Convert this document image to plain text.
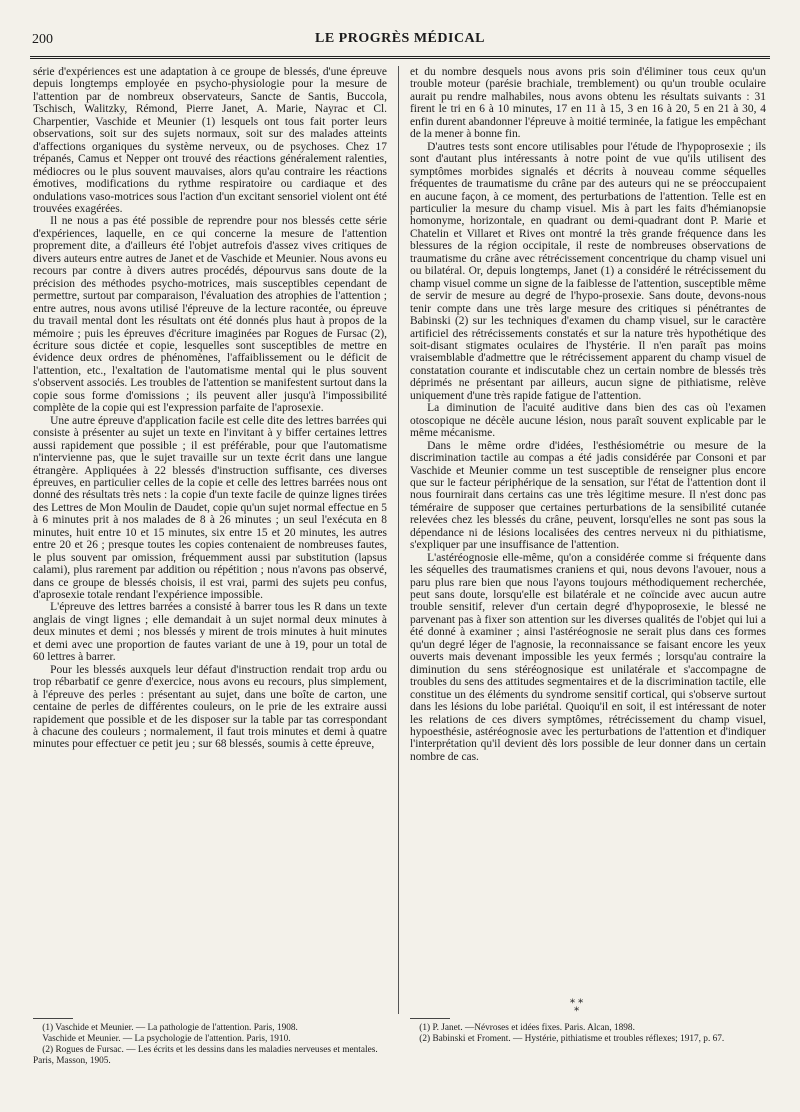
200	LE PROGRÈS MÉDICAL

série d'expériences est une adaptation à ce groupe de blessés, d'une épreuve depuis longtemps employée en psycho-physiologie pour la mesure de l'attention par de nombreux observateurs, Sancte de Santis, Buccola, Tschisch, Walitzky, Rémond, Pierre Janet, A. Marie, Nayrac et Cl. Charpentier, Vaschide et Meunier (1) lesquels ont tous fait porter leurs observations, soit sur des sujets normaux, soit sur des malades atteints d'affections organiques du système nerveux, ou de psychoses. Chez 17 trépanés, Camus et Nepper ont trouvé des réactions généralement ralenties, médiocres ou le plus souvent mauvaises, alors qu'au contraire les réactions émotives, modifications du rythme respiratoire ou cardiaque et des ondulations vaso-motrices sous l'action d'un excitant sensoriel violent ont été trouvées exagérées.

Il ne nous a pas été possible de reprendre pour nos blessés cette série d'expériences, laquelle, en ce qui concerne la mesure de l'attention proprement dite, a d'ailleurs été l'objet autrefois d'assez vives critiques de divers auteurs entre autres de Janet et de Vaschide et Meunier. Nous avons eu recours par contre à divers autres procédés, dépourvus sans doute de la précision des méthodes psycho-motrices, mais susceptibles cependant de permettre, surtout par comparaison, l'évaluation des atrophies de l'attention ; entre autres, nous avons utilisé l'épreuve de la lecture racontée, ou épreuve du travail mental dont les résultats ont été donnés plus haut à propos de la mémoire ; puis les épreuves d'écriture imaginées par Rogues de Fursac (2), écriture sous dictée et copie, lesquelles sont susceptibles de mettre en évidence deux ordres de phénomènes, l'affaiblissement ou le déficit de l'attention, etc., l'exaltation de l'automatisme mental qui le plus souvent s'observent associés. Les troubles de l'attention se manifestent surtout dans la copie sous forme d'omissions ; ils peuvent aller jusqu'à l'impossibilité complète de la copie qui est l'expression parfaite de l'aprosexie.

Une autre épreuve d'application facile est celle dite des lettres barrées qui consiste à présenter au sujet un texte en l'invitant à y biffer certaines lettres aussi rapidement que possible ; il est préférable, pour que l'automatisme n'intervienne pas, que le sujet travaille sur un texte écrit dans une langue étrangère. Appliquées à 22 blessés d'instruction suffisante, ces diverses épreuves, en particulier celles de la copie et celle des lettres barrées nous ont donné des résultats très nets : la copie d'un texte facile de quinze lignes tirées des Lettres de Mon Moulin de Daudet, copie qu'un sujet normal effectue en 5 à 6 minutes prit à nos malades de 8 à 26 minutes ; un seul l'exécuta en 8 minutes, huit entre 10 et 15 minutes, six entre 15 et 20 minutes, les autres entre 20 et 26 ; presque toutes les copies contenaient de nombreuses fautes, le plus souvent par omission, fréquemment aussi par substitution (lapsus calami), plus rarement par addition ou répétition ; nous n'avons pas observé, dans ce groupe de blessés choisis, il est vrai, parmi des sujets peu confus, d'aprosexie totale rendant l'expérience impossible.

L'épreuve des lettres barrées a consisté à barrer tous les R dans un texte anglais de vingt lignes ; elle demandait à un sujet normal deux minutes à deux minutes et demi ; nos blessés y mirent de trois minutes à huit minutes et demi avec une proportion de fautes variant de une à 19, pour un total de 60 lettres à barrer.

Pour les blessés auxquels leur défaut d'instruction rendait trop ardu ou trop rébarbatif ce genre d'exercice, nous avons eu recours, plus simplement, à l'épreuve des perles : présentant au sujet, dans une boîte de carton, une centaine de perles de différentes couleurs, on le prie de les extraire aussi rapidement que possible et de les disposer sur la table par tas correspondant à chacune des couleurs ; normalement, il faut trois minutes et demi à quatre minutes pour effectuer ce petit jeu ; sur 68 blessés, soumis à cette épreuve,

et du nombre desquels nous avons pris soin d'éliminer tous ceux qu'un trouble moteur (parésie brachiale, tremblement) ou qu'un trouble oculaire aurait pu rendre malhabiles, nous avons obtenu les résultats suivants : 31 firent le tri en 6 à 10 minutes, 17 en 11 à 15, 3 en 16 à 20, 5 en 21 à 30, 4 enfin durent abandonner l'épreuve à moitié terminée, la fatigue les empêchant de la mener à bonne fin.

D'autres tests sont encore utilisables pour l'étude de l'hypoprosexie ; ils sont d'autant plus intéressants à notre point de vue qu'ils utilisent des symptômes morbides signalés et décrits à nouveau comme séquelles fréquentes de traumatisme du crâne par des auteurs qui ne se préoccupaient en aucune façon, à ce moment, des perturbations de l'attention. Telle est en particulier la mesure du champ visuel. Mis à part les faits d'hémianopsie homonyme, horizontale, en quadrant ou demi-quadrant dont P. Marie et Chatelin et Villaret et Rives ont montré la très grande fréquence dans les blessures de la région occipitale, il reste de nombreuses observations de traumatisme du crâne avec rétrécissement concentrique du champ visuel uni ou bilatéral. Or, depuis longtemps, Janet (1) a considéré le rétrécissement du champ visuel comme un signe de la faiblesse de l'attention, susceptible même de servir de mesure au degré de l'hypo-prosexie. Sans doute, devons-nous tenir compte dans une très large mesure des critiques si pénétrantes de Babinski (2) sur les techniques d'examen du champ visuel, sur le caractère artificiel des rétrécissements constatés et sur la nature très hypothétique des soit-disant stigmates oculaires de l'hystérie. Il n'en paraît pas moins vraisemblable d'admettre que le rétrécissement apparent du champ visuel de constatation courante et indiscutable chez un certain nombre de blessés très déprimés ne présentant par ailleurs, aucun signe de pithiatisme, relève uniquement d'une très rapide fatigue de l'attention.

La diminution de l'acuité auditive dans bien des cas où l'examen otoscopique ne décèle aucune lésion, nous paraît souvent explicable par le même mécanisme.

Dans le même ordre d'idées, l'esthésiométrie ou mesure de la discrimination tactile au compas a été jadis considérée par Consoni et par Vaschide et Meunier comme un test susceptible de renseigner plus encore que sur le facteur périphérique de la sensation, sur l'état de l'attention dont il nous fournirait dans certains cas une très légitime mesure. Il n'est donc pas téméraire de supposer que certaines perturbations de la sensibilité cutanée relevées chez les blessés du crâne, peuvent, lorsqu'elles ne sont pas sous la dépendance ni de lésions localisées des centres nerveux ni du pithiatisme, s'expliquer par une insuffisance de l'attention.

L'astéréognosie elle-même, qu'on a considérée comme si fréquente dans les séquelles des traumatismes craniens et qui, nous devons l'avouer, nous a paru plus rare bien que nous l'ayons toujours méthodiquement recherchée, peut sans doute, lorsqu'elle est bilatérale et ne coïncide avec aucun autre trouble sensitif, relever d'un certain degré d'hypoprosexie, le blessé ne parvenant pas à fixer son attention sur les diverses qualités de l'objet qui lui a été donné à examiner ; ainsi l'astéréognosie ne serait plus dans ces formes qu'un degré léger de l'agnosie, la reconnaissance se faisant encore les yeux ouverts mais devenant impossible les yeux fermés ; lorsqu'au contraire la diminution du sens stéréognosique est unilatérale et s'accompagne de troubles du sens des attitudes segmentaires et de la discrimination tactile, elle constitue un des éléments du syndrome sensitif cortical, qui s'observe surtout dans les lésions du lobe pariétal. Quoiqu'il en soit, il est intéressant de noter les relations de ces divers symptômes, rétrécissement du champ visuel, hypoesthésie, astéréognosie avec les perturbations de l'attention et d'indiquer l'interprétation qu'il devient dès lors possible de leur donner dans un certain nombre de cas.

* *
*

(1) Vaschide et Meunier. — La pathologie de l'attention. Paris, 1908.

Vaschide et Meunier. — La psychologie de l'attention. Paris, 1910.

(2) Rogues de Fursac. — Les écrits et les dessins dans les maladies nerveuses et mentales. Paris, Masson, 1905.

(1) P. Janet. —Névroses et idées fixes. Paris. Alcan, 1898.

(2) Babinski et Froment. — Hystérie, pithiatisme et troubles réflexes; 1917, p. 67.
